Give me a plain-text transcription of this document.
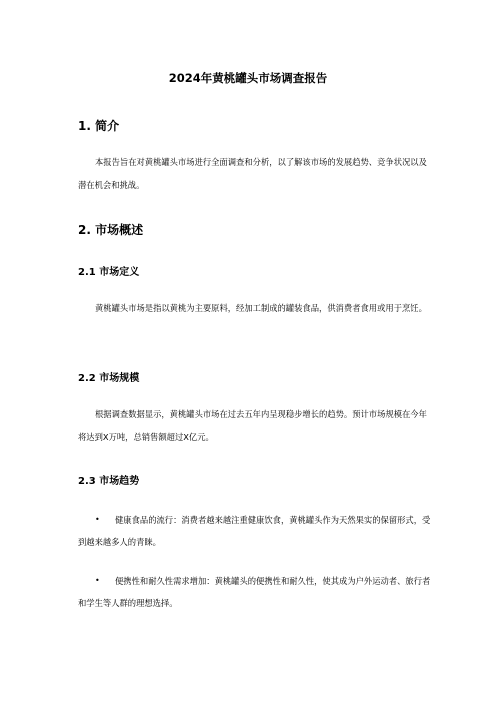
2024年黄桃罐头市场调查报告
1. 简介
本报告旨在对黄桃罐头市场进行全面调查和分析，以了解该市场的发展趋势、竞争状况以及潜在机会和挑战。
2. 市场概述
2.1 市场定义
黄桃罐头市场是指以黄桃为主要原料，经加工制成的罐装食品，供消费者食用或用于烹饪。
2.2 市场规模
根据调查数据显示，黄桃罐头市场在过去五年内呈现稳步增长的趋势。预计市场规模在今年将达到X万吨，总销售额超过X亿元。
2.3 市场趋势
•	健康食品的流行：消费者越来越注重健康饮食，黄桃罐头作为天然果实的保留形式，受到越来越多人的青睐。
•	便携性和耐久性需求增加：黄桃罐头的便携性和耐久性，使其成为户外运动者、旅行者和学生等人群的理想选择。
